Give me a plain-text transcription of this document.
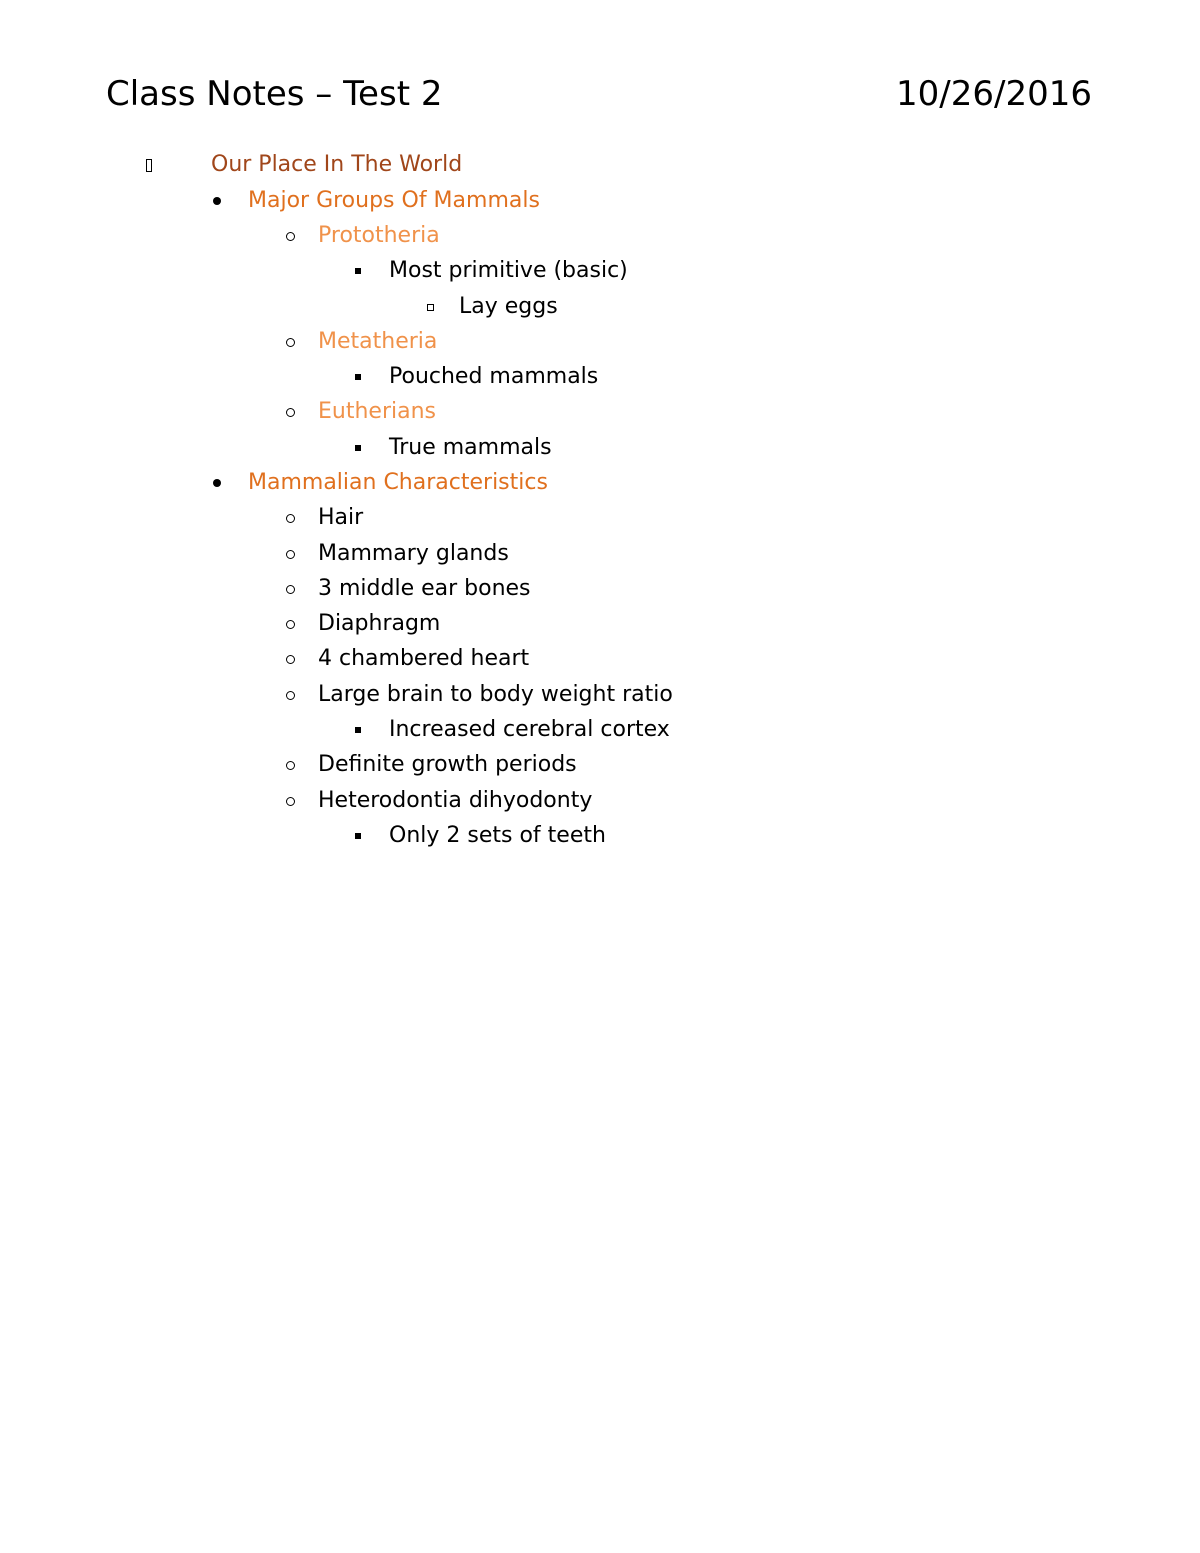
Class Notes – Test 2	10/26/2016
Our Place In The World
Major Groups Of Mammals
Prototheria
Most primitive (basic)
Lay eggs
Metatheria
Pouched mammals
Eutherians
True mammals
Mammalian Characteristics
Hair
Mammary glands
3 middle ear bones
Diaphragm
4 chambered heart
Large brain to body weight ratio
Increased cerebral cortex
Definite growth periods
Heterodontia dihyodonty
Only 2 sets of teeth
